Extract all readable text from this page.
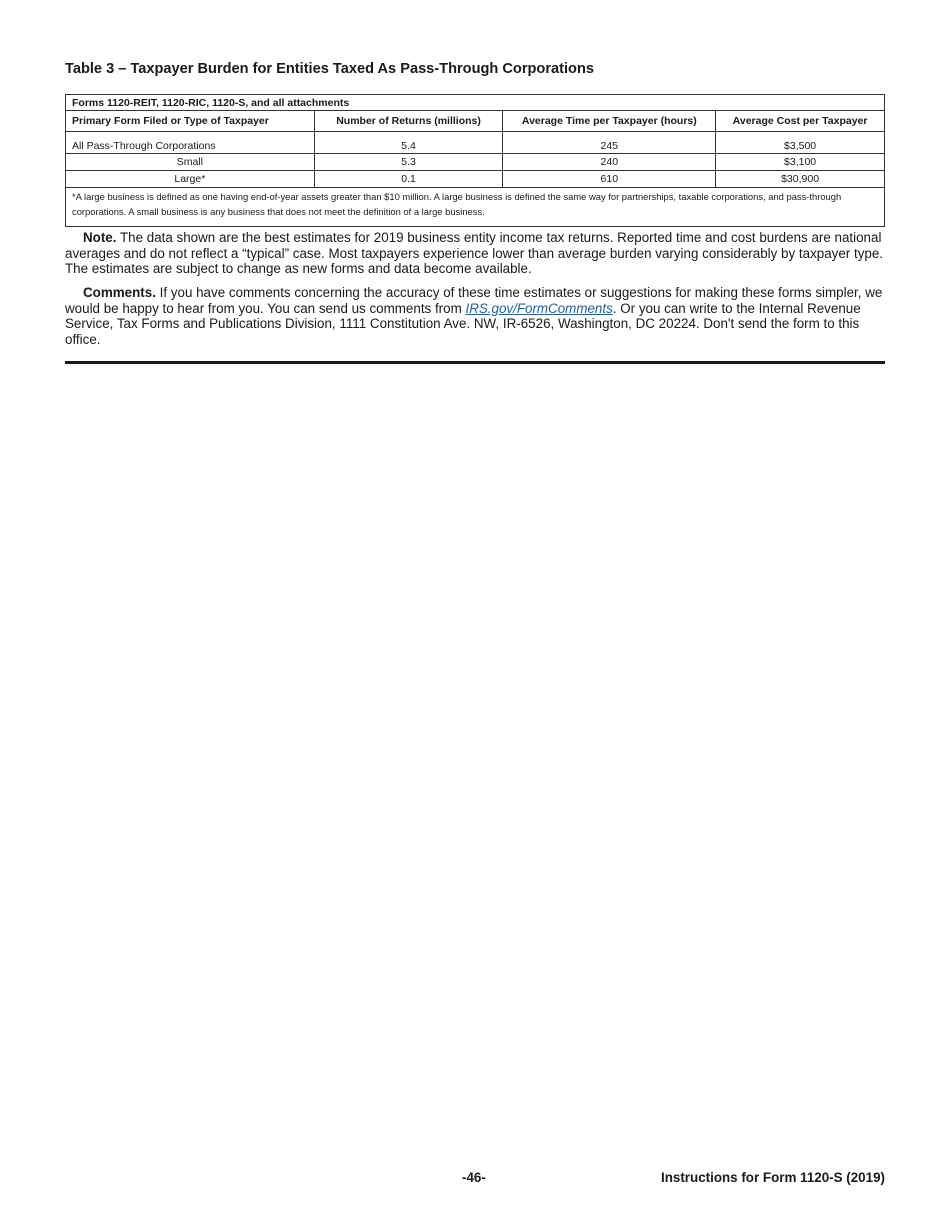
Table 3 – Taxpayer Burden for Entities Taxed As Pass-Through Corporations
Forms 1120-REIT, 1120-RIC, 1120-S, and all attachments			
Primary Form Filed or Type of Taxpayer	Number of Returns (millions)	Average Time per Taxpayer (hours)	Average Cost per Taxpayer
All Pass-Through Corporations	5.4	245	$3,500
Small	5.3	240	$3,100
Large*	0.1	610	$30,900
*A large business is defined as one having end-of-year assets greater than $10 million. A large business is defined the same way for partnerships, taxable corporations, and pass-through corporations. A small business is any business that does not meet the definition of a large business.			

Note. The data shown are the best estimates for 2019 business entity income tax returns. Reported time and cost burdens are national averages and do not reflect a “typical” case. Most taxpayers experience lower than average burden varying considerably by taxpayer type. The estimates are subject to change as new forms and data become available.

Comments. If you have comments concerning the accuracy of these time estimates or suggestions for making these forms simpler, we would be happy to hear from you. You can send us comments from IRS.gov/FormComments. Or you can write to the Internal Revenue Service, Tax Forms and Publications Division, 1111 Constitution Ave. NW, IR-6526, Washington, DC 20224. Don't send the form to this office.

-46-	Instructions for Form 1120-S (2019)
